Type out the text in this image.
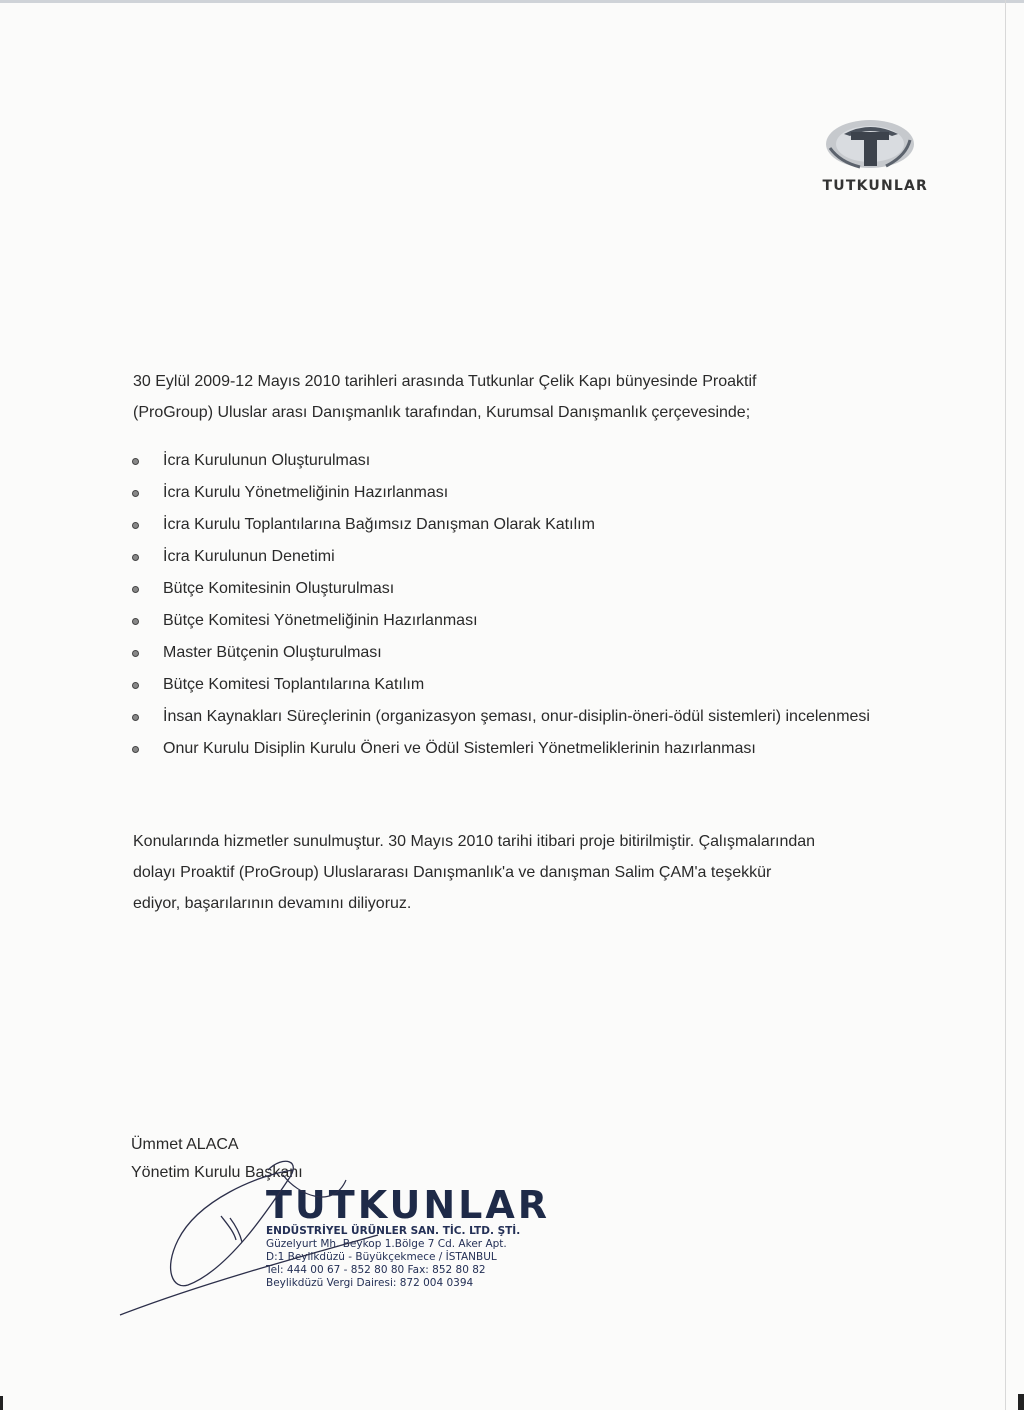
TUTKUNLAR

30 Eylül 2009-12 Mayıs 2010 tarihleri arasında Tutkunlar Çelik Kapı bünyesinde Proaktif

(ProGroup) Uluslar arası Danışmanlık tarafından, Kurumsal Danışmanlık çerçevesinde;

İcra Kurulunun Oluşturulması
İcra Kurulu Yönetmeliğinin Hazırlanması
İcra Kurulu Toplantılarına Bağımsız Danışman Olarak Katılım
İcra Kurulunun Denetimi
Bütçe Komitesinin Oluşturulması
Bütçe Komitesi Yönetmeliğinin Hazırlanması
Master Bütçenin Oluşturulması
Bütçe Komitesi Toplantılarına Katılım
İnsan Kaynakları Süreçlerinin (organizasyon şeması, onur-disiplin-öneri-ödül sistemleri) incelenmesi
Onur Kurulu Disiplin Kurulu Öneri ve Ödül Sistemleri Yönetmeliklerinin hazırlanması

Konularında hizmetler sunulmuştur. 30 Mayıs 2010 tarihi itibari proje bitirilmiştir. Çalışmalarından

dolayı Proaktif (ProGroup) Uluslararası Danışmanlık'a ve danışman Salim ÇAM'a teşekkür

ediyor, başarılarının devamını diliyoruz.

Ümmet ALACA
Yönetim Kurulu Başkanı
TUTKUNLAR
ENDÜSTRİYEL ÜRÜNLER SAN. TİC. LTD. ŞTİ.
Güzelyurt Mh. Beykop 1.Bölge 7 Cd. Aker Apt.
D:1 Beylikdüzü - Büyükçekmece / İSTANBUL
Tel: 444 00 67 - 852 80 80 Fax: 852 80 82
Beylikdüzü Vergi Dairesi: 872 004 0394
